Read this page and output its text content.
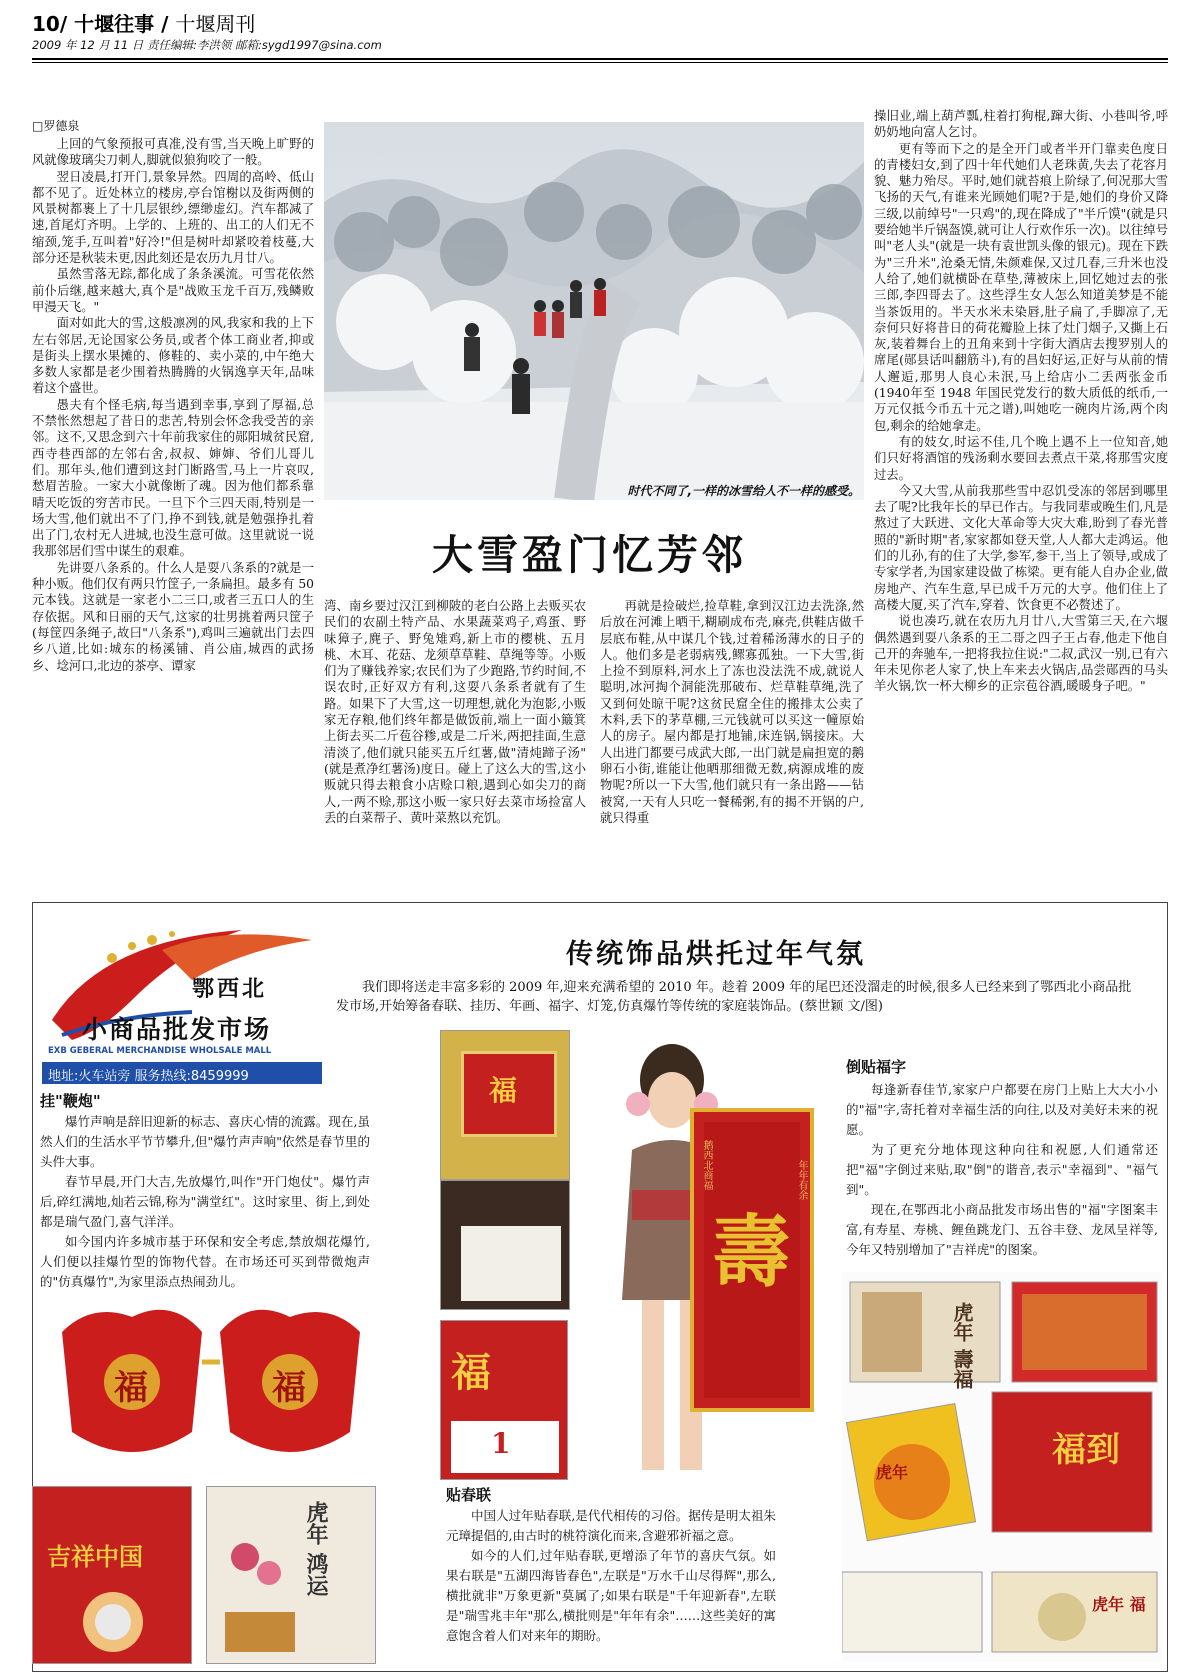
10/ 十堰往事 / 十堰周刊
2009 年 12 月 11 日 责任编辑:李洪领 邮箱:sygd1997@sina.com
□罗德泉

上回的气象预报可真准,没有雪,当天晚上旷野的风就像玻璃尖刀刺人,脚就似狼狗咬了一般。

翌日凌晨,打开门,景象异然。四周的高岭、低山都不见了。近处林立的楼房,亭台馆榭以及街两侧的风景树都裹上了十几层银纱,缥缈虚幻。汽车都减了速,首尾灯齐明。上学的、上班的、出工的人们无不缩颈,笼手,互叫着"好冷!"但是树叶却紧咬着枝蔓,大部分还是秋装未更,因此刻还是农历九月廿八。

虽然雪落无踪,都化成了条条溪流。可雪花依然前仆后继,越来越大,真个是"战败玉龙千百万,残鳞败甲漫天飞。"

面对如此大的雪,这般凛冽的风,我家和我的上下左右邻居,无论国家公务员,或者个体工商业者,抑或是街头上摆水果摊的、修鞋的、卖小菜的,中午绝大多数人家都是老少围着热腾腾的火锅逸享天年,品味着这个盛世。

愚夫有个怪毛病,每当遇到幸事,享到了厚福,总不禁怅然想起了昔日的悲苦,特别会怀念我受苦的亲邻。这不,又思念到六十年前我家住的郧阳城贫民窟,西寺巷西部的左邻右舍,叔叔、婶婶、爷们儿哥儿们。那年头,他们遭到这封门断路雪,马上一片哀叹,愁眉苦脸。一家大小就像断了魂。因为他们都系靠晴天吃饭的穷苦市民。一旦下个三四天雨,特别是一场大雪,他们就出不了门,挣不到钱,就是勉强挣扎着出了门,农村无人进城,也没生意可做。这里就说一说我那邻居们雪中谋生的艰难。

先讲耍八条系的。什么人是耍八条系的?就是一种小贩。他们仅有两只竹筐子,一条扁担。最多有 50 元本钱。这就是一家老小二三口,或者三五口人的生存依据。风和日丽的天气,这家的壮男挑着两只筐子(每筐四条绳子,故曰"八条系"),鸡叫三遍就出门去四乡八道,比如:城东的杨溪铺、肖公庙,城西的武扬乡、埝河口,北边的茶亭、谭家

时代不同了,一样的冰雪给人不一样的感受。

操旧业,端上葫芦瓢,柱着打狗棍,蹿大街、小巷叫爷,呼奶奶地向富人乞讨。

更有等而下之的是全开门或者半开门靠卖色度日的青楼妇女,到了四十年代她们人老珠黄,失去了花容月貌、魅力殆尽。平时,她们就苔痕上阶绿了,何况那大雪飞扬的天气,有谁来光顾她们呢?于是,她们的身价又降三级,以前绰号"一只鸡"的,现在降成了"半斤馍"(就是只要给她半斤锅盔馍,就可让人行欢作乐一次)。以往绰号叫"老人头"(就是一块有袁世凯头像的银元)。现在下跌为"三升米",沧桑无情,朱颜难保,又过几春,三升米也没人给了,她们就横卧在草垫,薄被床上,回忆她过去的张三郎,李四哥去了。这些浮生女人怎么知道美梦是不能当茶饭用的。半天水米未染唇,肚子扁了,手脚凉了,无奈何只好将昔日的荷花瓣脸上抹了灶门烟子,又撕上石灰,装着舞台上的丑角来到十字街大酒店去搜罗别人的席尾(郧县话叫翻筋斗),有的昌妇好运,正好与从前的情人邂逅,那男人良心未泯,马上给店小二丢两张金币(1940年至 1948 年国民党发行的数大质低的纸币,一万元仅抵今币五十元之谱),叫她吃一碗肉片汤,两个肉包,剩余的给她拿走。

有的妓女,时运不佳,几个晚上遇不上一位知音,她们只好将酒馆的残汤剩水要回去煮点干菜,将那雪灾度过去。

今又大雪,从前我那些雪中忍饥受冻的邻居到哪里去了呢?比我年长的早已作古。与我同辈或晚生们,凡是熬过了大跃进、文化大革命等大灾大难,盼到了春光普照的"新时期"者,家家都如登天堂,人人都大走鸿运。他们的儿孙,有的住了大学,参军,参干,当上了领导,或成了专家学者,为国家建设做了栋梁。更有能人自办企业,做房地产、汽车生意,早已成千万元的大亨。他们住上了高楼大厦,买了汽车,穿着、饮食更不必赘述了。

说也凑巧,就在农历九月廿八,大雪第三天,在六堰偶然遇到耍八条系的王二哥之四子王占春,他走下他自己开的奔驰车,一把将我拉住说:"二叔,武汉一别,已有六年未见你老人家了,快上车来去火锅店,品尝郧西的马头羊火锅,饮一杯大柳乡的正宗苞谷酒,暖暖身子吧。"

大雪盈门忆芳邻

湾、南乡要过汉江到柳陂的老白公路上去贩买农民们的农副土特产品、水果蔬菜鸡子,鸡蛋、野味獐子,麂子、野兔雉鸡,新上市的樱桃、五月桃、木耳、花菇、龙须草草鞋、草绳等等。小贩们为了赚钱养家;农民们为了少跑路,节约时间,不误农时,正好双方有利,这耍八条系者就有了生路。如果下了大雪,这一切理想,就化为泡影,小贩家无存粮,他们终年都是做饭前,端上一面小簸箕上街去买二斤苞谷糁,或是二斤米,两把挂面,生意清淡了,他们就只能买五斤红薯,做"清炖蹄子汤"(就是煮净红薯汤)度日。碰上了这么大的雪,这小贩就只得去粮食小店赊口粮,遇到心如尖刀的商人,一两不赊,那这小贩一家只好去菜市场捡富人丢的白菜帮子、黄叶菜熬以充饥。

再就是捡破烂,捡草鞋,拿到汉江边去洗涤,然后放在河滩上晒干,糊刷成布壳,麻壳,供鞋店做千层底布鞋,从中谋几个钱,过着稀汤薄水的日子的人。他们多是老弱病残,鳏寡孤独。一下大雪,街上捡不到原料,河水上了冻也没法洗不成,就说人聪明,冰河掏个洞能洗那破布、烂草鞋草绳,洗了又到何处晾干呢?这贫民窟全住的搬排太公卖了木料,丢下的茅草棚,三元钱就可以买这一幢原始人的房子。屋内都是打地铺,床连锅,锅接床。大人出进门都要弓成武大郎,一出门就是扁担宽的鹅卵石小街,谁能让他晒那细微无数,病源成堆的废物呢?所以一下大雪,他们就只有一条出路——钻被窝,一天有人只吃一餐稀粥,有的揭不开锅的户,就只得重

鄂西北
小商品批发市场
EXB GEBERAL MERCHANDISE WHOLSALE MALL
地址:火车站旁 服务热线:8459999
传统饰品烘托过年气氛
我们即将送走丰富多彩的 2009 年,迎来充满希望的 2010 年。趁着 2009 年的尾巴还没溜走的时候,很多人已经来到了鄂西北小商品批发市场,开始筹备春联、挂历、年画、福字、灯笼,仿真爆竹等传统的家庭装饰品。(蔡世颖 文/图)
挂"鞭炮"

爆竹声响是辞旧迎新的标志、喜庆心情的流露。现在,虽然人们的生活水平节节攀升,但"爆竹声声响"依然是春节里的头件大事。

春节早晨,开门大吉,先放爆竹,叫作"开门炮仗"。爆竹声后,碎红满地,灿若云锦,称为"满堂红"。这时家里、街上,到处都是瑞气盈门,喜气洋洋。

如今国内许多城市基于环保和安全考虑,禁放烟花爆竹,人们便以挂爆竹型的饰物代替。在市场还可买到带微炮声的"仿真爆竹",为家里添点热闹劲儿。

福	福
吉祥中国	虎年 鸿运
福
福
1
壽
鹅西北商福	年年有余
贴春联

中国人过年贴春联,是代代相传的习俗。据传是明太祖朱元璋提倡的,由古时的桃符演化而来,含避邪祈福之意。

如今的人们,过年贴春联,更增添了年节的喜庆气氛。如果右联是"五湖四海皆春色",左联是"万水千山尽得辉",那么,横批就非"万象更新"莫属了;如果右联是"千年迎新春",左联是"瑞雪兆丰年"那么,横批则是"年年有余"……这些美好的寓意饱含着人们对来年的期盼。

倒贴福字

每逢新春佳节,家家户户都要在房门上贴上大大小小的"福"字,寄托着对幸福生活的向往,以及对美好未来的祝愿。

为了更充分地体现这种向往和祝愿,人们通常还把"福"字倒过来贴,取"倒"的谐音,表示"幸福到"、"福气到"。

现在,在鄂西北小商品批发市场出售的"福"字图案丰富,有寿星、寿桃、鲤鱼跳龙门、五谷丰登、龙凤呈祥等,今年又特别增加了"吉祥虎"的图案。

虎年 壽福
福到
虎年
虎年 福
